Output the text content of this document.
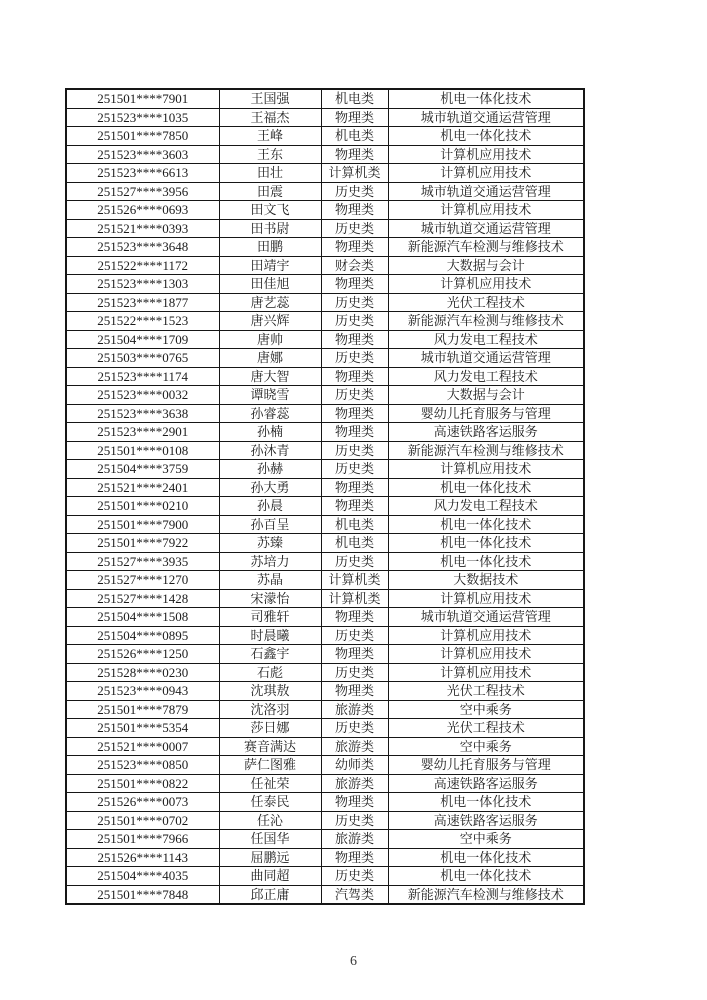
251501****7901	王国强	机电类	机电一体化技术
251523****1035	王福杰	物理类	城市轨道交通运营管理
251501****7850	王峰	机电类	机电一体化技术
251523****3603	王东	物理类	计算机应用技术
251523****6613	田壮	计算机类	计算机应用技术
251527****3956	田震	历史类	城市轨道交通运营管理
251526****0693	田文飞	物理类	计算机应用技术
251521****0393	田书尉	历史类	城市轨道交通运营管理
251523****3648	田鹏	物理类	新能源汽车检测与维修技术
251522****1172	田靖宇	财会类	大数据与会计
251523****1303	田佳旭	物理类	计算机应用技术
251523****1877	唐艺蕊	历史类	光伏工程技术
251522****1523	唐兴辉	历史类	新能源汽车检测与维修技术
251504****1709	唐帅	物理类	风力发电工程技术
251503****0765	唐娜	历史类	城市轨道交通运营管理
251523****1174	唐大智	物理类	风力发电工程技术
251523****0032	谭晓雪	历史类	大数据与会计
251523****3638	孙睿蕊	物理类	婴幼儿托育服务与管理
251523****2901	孙楠	物理类	高速铁路客运服务
251501****0108	孙沐青	历史类	新能源汽车检测与维修技术
251504****3759	孙赫	历史类	计算机应用技术
251521****2401	孙大勇	物理类	机电一体化技术
251501****0210	孙晨	物理类	风力发电工程技术
251501****7900	孙百呈	机电类	机电一体化技术
251501****7922	苏臻	机电类	机电一体化技术
251527****3935	苏培力	历史类	机电一体化技术
251527****1270	苏晶	计算机类	大数据技术
251527****1428	宋濛怡	计算机类	计算机应用技术
251504****1508	司雅轩	物理类	城市轨道交通运营管理
251504****0895	时晨曦	历史类	计算机应用技术
251526****1250	石鑫宇	物理类	计算机应用技术
251528****0230	石彪	历史类	计算机应用技术
251523****0943	沈琪敖	物理类	光伏工程技术
251501****7879	沈洛羽	旅游类	空中乘务
251501****5354	莎日娜	历史类	光伏工程技术
251521****0007	赛音满达	旅游类	空中乘务
251523****0850	萨仁图雅	幼师类	婴幼儿托育服务与管理
251501****0822	任祉荣	旅游类	高速铁路客运服务
251526****0073	任泰民	物理类	机电一体化技术
251501****0702	任沁	历史类	高速铁路客运服务
251501****7966	任国华	旅游类	空中乘务
251526****1143	屈鹏远	物理类	机电一体化技术
251504****4035	曲同超	历史类	机电一体化技术
251501****7848	邱正庸	汽驾类	新能源汽车检测与维修技术
6
